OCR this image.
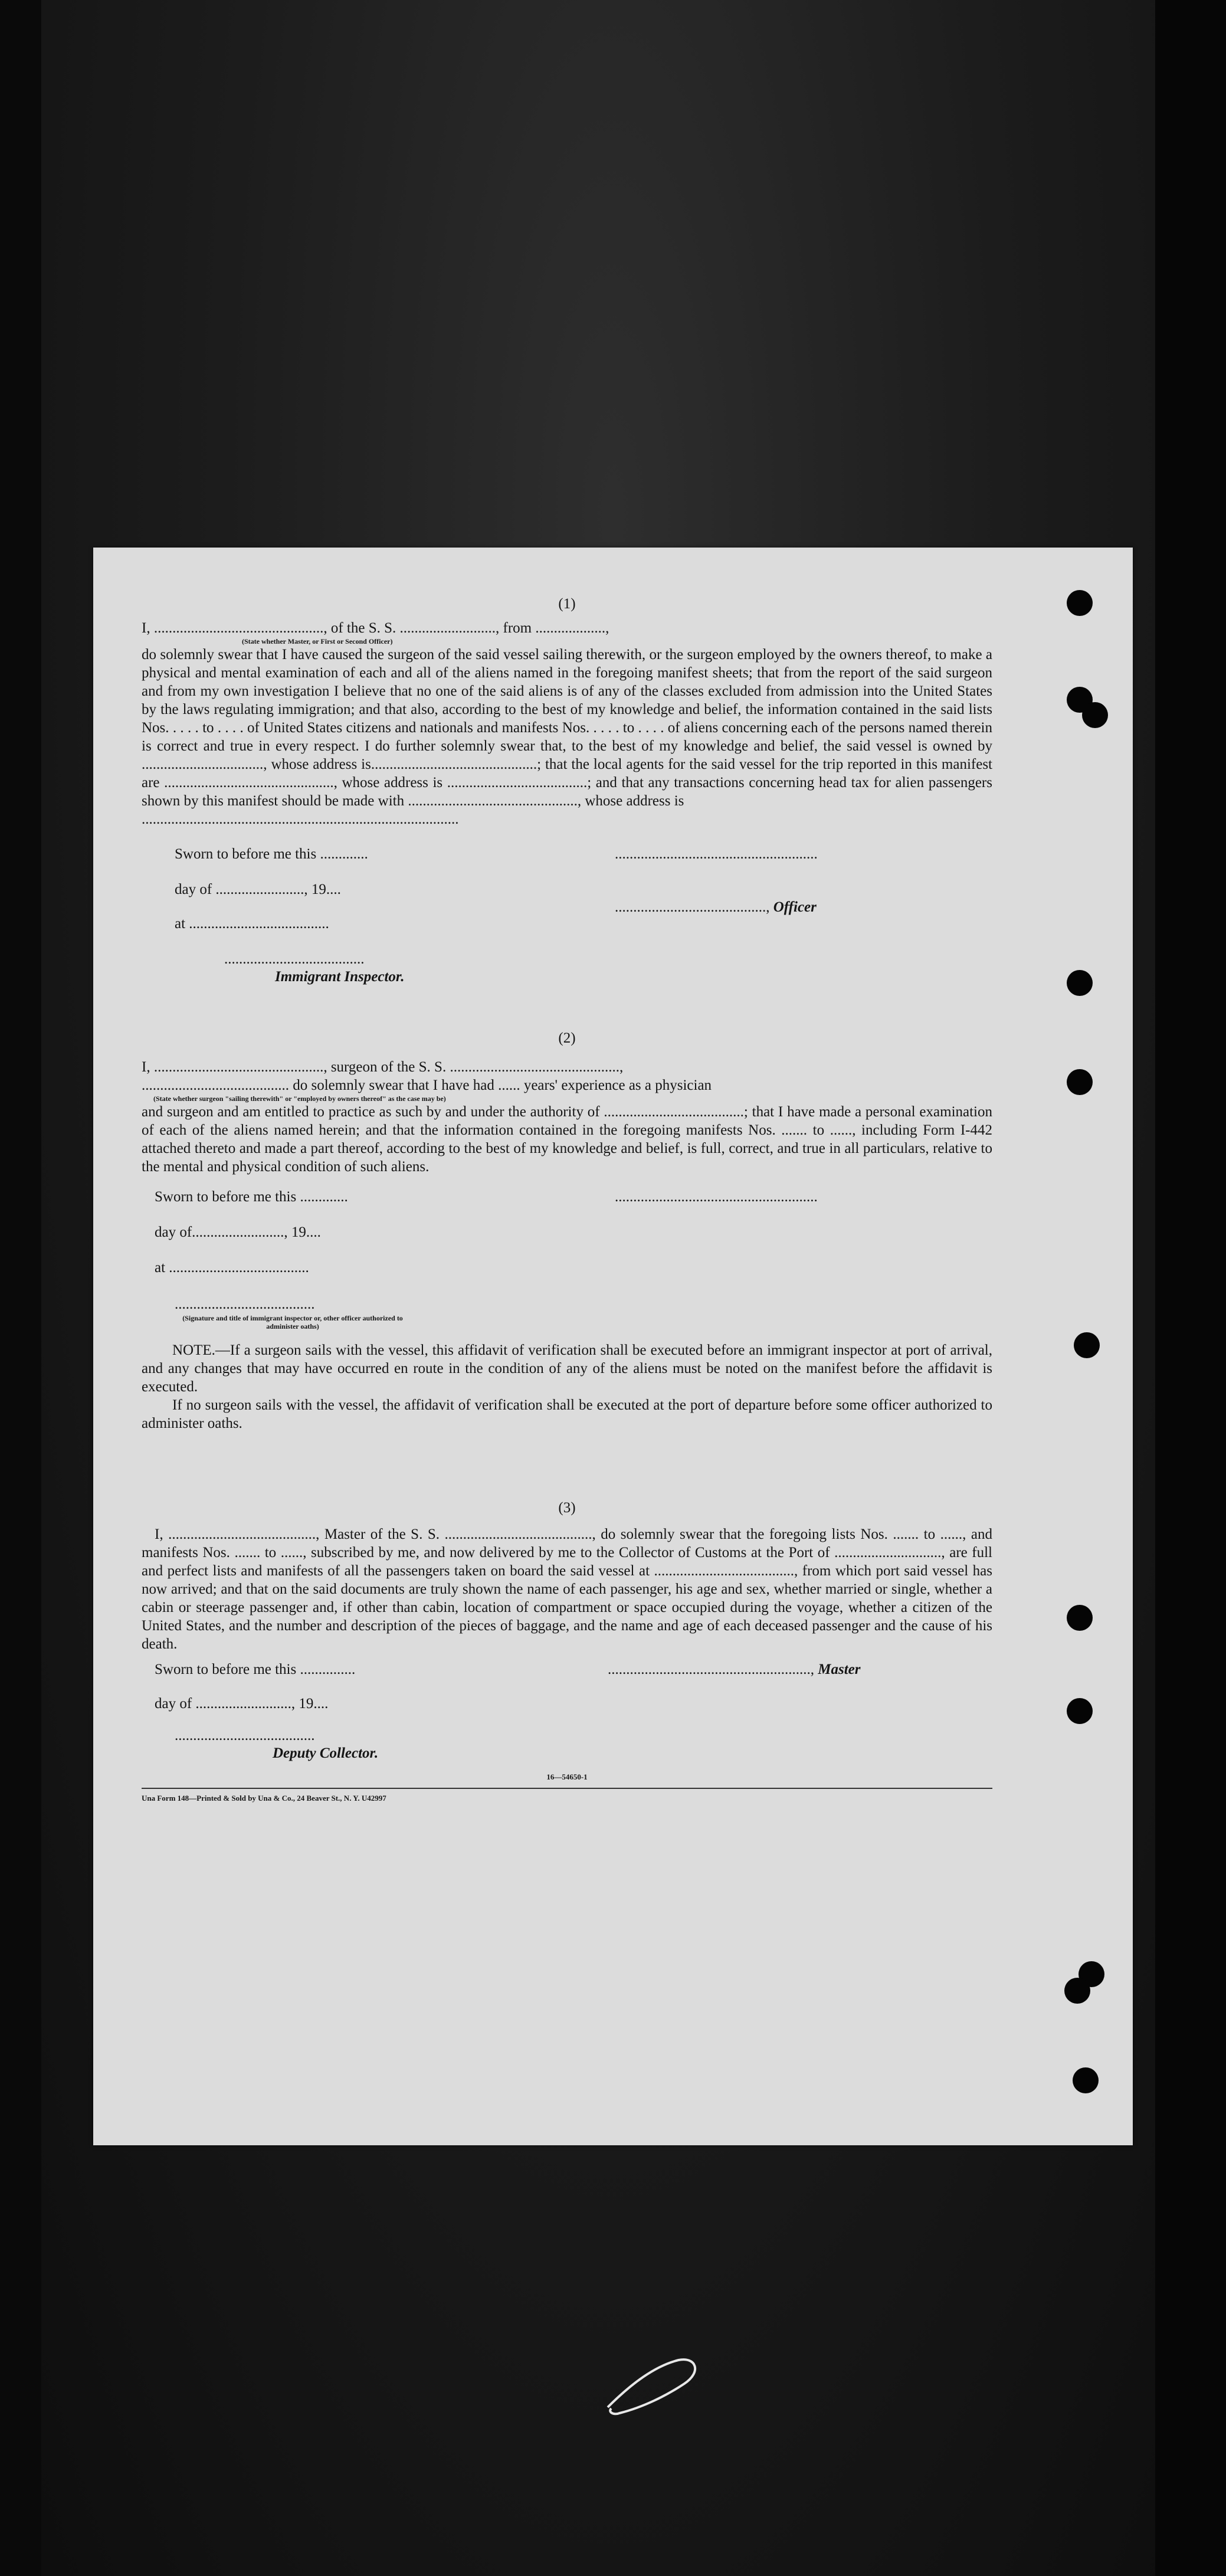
(1)
I, .............................................., of the S. S. .........................., from ...................,
(State whether Master, or First or Second Officer)
do solemnly swear that I have caused the surgeon of the said vessel sailing therewith, or the surgeon employed by the owners thereof, to make a physical and mental examination of each and all of the aliens named in the foregoing manifest sheets; that from the report of the said surgeon and from my own investigation I believe that no one of the said aliens is of any of the classes excluded from admission into the United States by the laws regulating immigration; and that also, according to the best of my knowledge and belief, the information contained in the said lists Nos. . . . . to . . . . of United States citizens and nationals and manifests Nos. . . . . to . . . . of aliens concerning each of the persons named therein is correct and true in every respect. I do further solemnly swear that, to the best of my knowledge and belief, the said vessel is owned by ................................., whose address is.............................................; that the local agents for the said vessel for the trip reported in this manifest are .............................................., whose address is ......................................; and that any transactions concerning head tax for alien passengers shown by this manifest should be made with .............................................., whose address is
......................................................................................
Sworn to before me this .............
day of ........................, 19....
at ......................................
......................................
Immigrant Inspector.
.......................................................
........................................., Officer
(2)
I, .............................................., surgeon of the S. S. ..............................................,
........................................ do solemnly swear that I have had ...... years' experience as a physician
(State whether surgeon "sailing therewith" or "employed by owners thereof" as the case may be)
and surgeon and am entitled to practice as such by and under the authority of ......................................; that I have made a personal examination of each of the aliens named herein; and that the information contained in the foregoing manifests Nos. ....... to ......, including Form I-442 attached thereto and made a part thereof, according to the best of my knowledge and belief, is full, correct, and true in all particulars, relative to the mental and physical condition of such aliens.
Sworn to before me this .............
day of........................., 19....
at ......................................
......................................
(Signature and title of immigrant inspector or, other officer authorized to administer oaths)
.......................................................
NOTE.—If a surgeon sails with the vessel, this affidavit of verification shall be executed before an immigrant inspector at port of arrival, and any changes that may have occurred en route in the condition of any of the aliens must be noted on the manifest before the affidavit is executed.
If no surgeon sails with the vessel, the affidavit of verification shall be executed at the port of departure before some officer authorized to administer oaths.
(3)
I, ........................................, Master of the S. S. ........................................, do solemnly swear that the foregoing lists Nos. ....... to ......, and manifests Nos. ....... to ......, subscribed by me, and now delivered by me to the Collector of Customs at the Port of ............................., are full and perfect lists and manifests of all the passengers taken on board the said vessel at ......................................, from which port said vessel has now arrived; and that on the said documents are truly shown the name of each passenger, his age and sex, whether married or single, whether a cabin or steerage passenger and, if other than cabin, location of compartment or space occupied during the voyage, whether a citizen of the United States, and the number and description of the pieces of baggage, and the name and age of each deceased passenger and the cause of his death.
Sworn to before me this ...............
day of .........................., 19....
......................................
Deputy Collector.
......................................................., Master
16—54650-1
Una Form 148—Printed & Sold by Una & Co., 24 Beaver St., N. Y. U42997
